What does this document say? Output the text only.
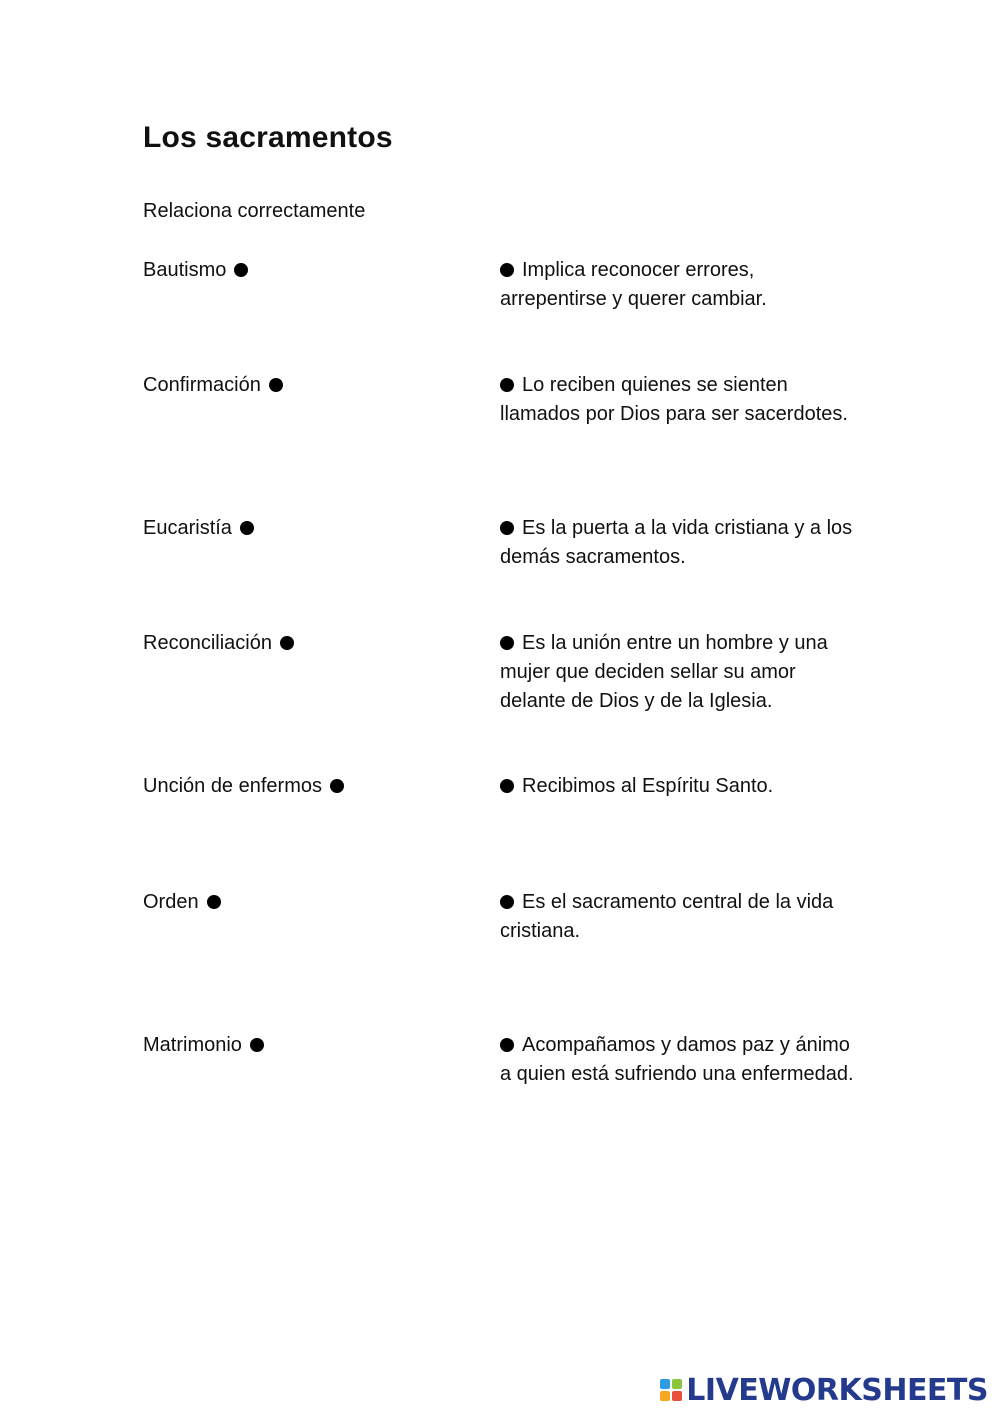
Los sacramentos
Relaciona correctamente
Bautismo
Confirmación
Eucaristía
Reconciliación
Unción de enfermos
Orden
Matrimonio
Implica reconocer errores, arrepentirse y querer cambiar.
Lo reciben quienes se sienten llamados por Dios para ser sacerdotes.
Es la puerta a la vida cristiana y a los demás sacramentos.
Es la unión entre un hombre y una mujer que deciden sellar su amor delante de Dios y de la Iglesia.
Recibimos al Espíritu Santo.
Es el sacramento central de la vida cristiana.
Acompañamos y damos paz y ánimo a quien está sufriendo una enfermedad.
LIVEWORKSHEETS
